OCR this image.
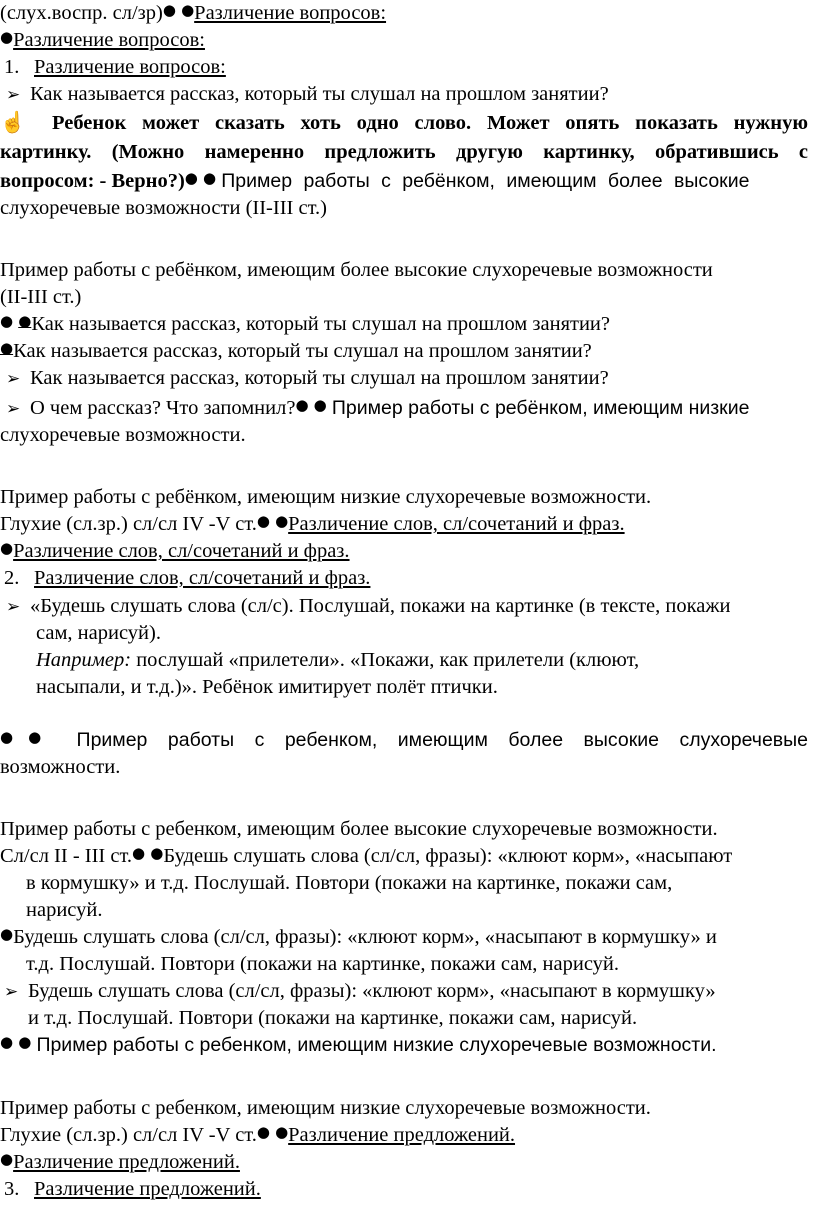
(слух.воспр. сл/зр)● ●Различение вопросов:
●Различение вопросов:
1. Различение вопросов:
➢ Как называется рассказ, который ты слушал на прошлом занятии?
☝ Ребенок может сказать хоть одно слово. Может опять показать нужную
картинку. (Можно намеренно предложить другую картинку, обратившись с
вопросом: - Верно?)● ● Пример работы с ребёнком, имеющим более высокие
слухоречевые возможности (II-III ст.)
Пример работы с ребёнком, имеющим более высокие слухоречевые возможности
(II-III ст.)
● ●Как называется рассказ, который ты слушал на прошлом занятии?
●Как называется рассказ, который ты слушал на прошлом занятии?
➢ Как называется рассказ, который ты слушал на прошлом занятии?
➢ О чем рассказ? Что запомнил?● ● Пример работы с ребёнком, имеющим низкие
слухоречевые возможности.
Пример работы с ребёнком, имеющим низкие слухоречевые возможности.
Глухие (сл.зр.) сл/сл IV -V ст.● ●Различение слов, сл/сочетаний и фраз.
●Различение слов, сл/сочетаний и фраз.
2. Различение слов, сл/сочетаний и фраз.
➢ «Будешь слушать слова (сл/с). Послушай, покажи на картинке (в тексте, покажи
сам, нарисуй).
Например: послушай «прилетели». «Покажи, как прилетели (клюют,
насыпали, и т.д.)». Ребёнок имитирует полёт птички.
●● Пример работы с ребенком, имеющим более высокие слухоречевые
возможности.
Пример работы с ребенком, имеющим более высокие слухоречевые возможности.
Сл/сл II - III ст.● ●Будешь слушать слова (сл/сл, фразы): «клюют корм», «насыпают
в кормушку» и т.д. Послушай. Повтори (покажи на картинке, покажи сам,
нарисуй.
●Будешь слушать слова (сл/сл, фразы): «клюют корм», «насыпают в кормушку» и
т.д. Послушай. Повтори (покажи на картинке, покажи сам, нарисуй.
➢ Будешь слушать слова (сл/сл, фразы): «клюют корм», «насыпают в кормушку»
и т.д. Послушай. Повтори (покажи на картинке, покажи сам, нарисуй.
● ● Пример работы с ребенком, имеющим низкие слухоречевые возможности.
Пример работы с ребенком, имеющим низкие слухоречевые возможности.
Глухие (сл.зр.) сл/сл IV -V ст.● ●Различение предложений.
●Различение предложений.
3. Различение предложений.
